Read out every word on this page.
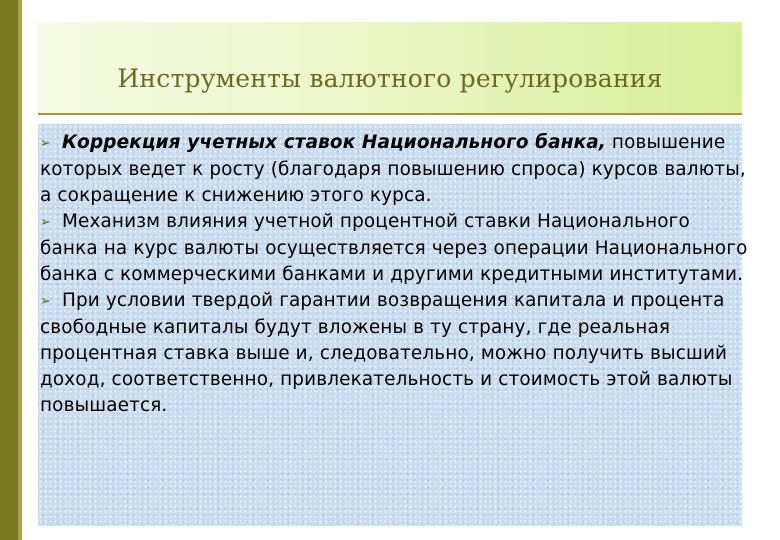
Инструменты валютного регулирования

➢ Коррекция учетных ставок Национального банка, повышение которых ведет к росту (благодаря повышению спроса) курсов валюты, а сокращение к снижению этого курса.

➢ Механизм влияния учетной процентной ставки Национального банка на курс валюты осуществляется через операции Национального банка с коммерческими банками и другими кредитными институтами.

➢ При условии твердой гарантии возвращения капитала и процента свободные капиталы будут вложены в ту страну, где реальная процентная ставка выше и, следовательно, можно получить высший доход, соответственно, привлекательность и стоимость этой валюты повышается.
